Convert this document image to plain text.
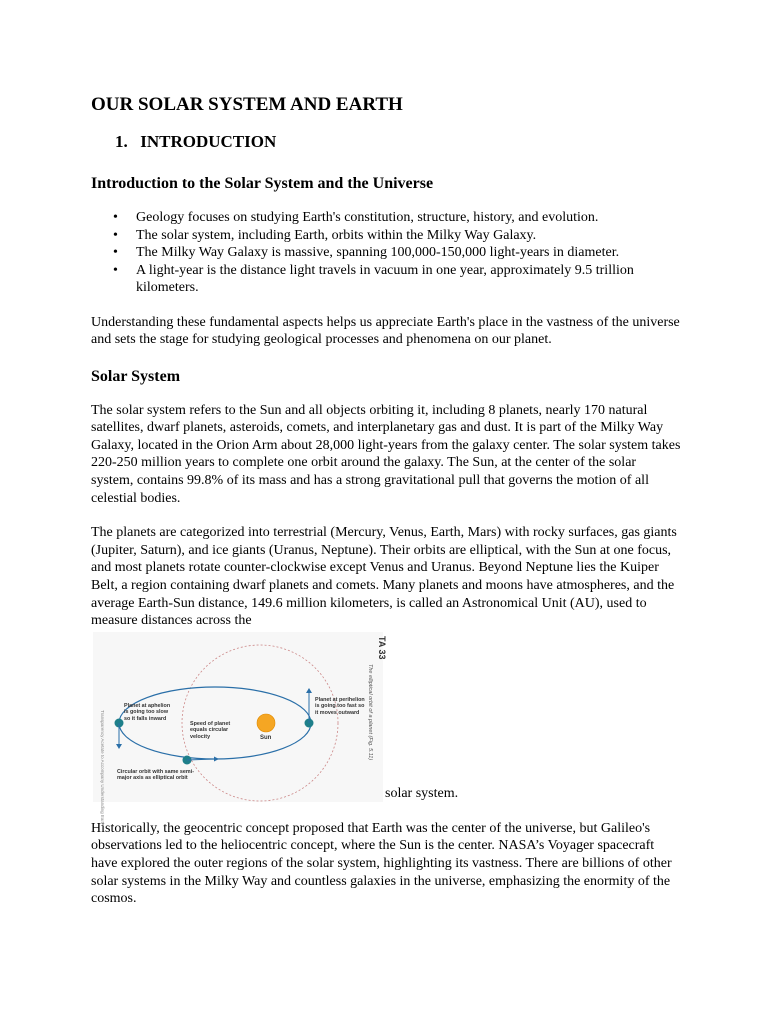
OUR SOLAR SYSTEM AND EARTH
1. INTRODUCTION
Introduction to the Solar System and the Universe
• Geology focuses on studying Earth's constitution, structure, history, and evolution.
• The solar system, including Earth, orbits within the Milky Way Galaxy.
• The Milky Way Galaxy is massive, spanning 100,000-150,000 light-years in diameter.
• A light-year is the distance light travels in vacuum in one year, approximately 9.5 trillion kilometers.

Understanding these fundamental aspects helps us appreciate Earth's place in the vastness of the universe and sets the stage for studying geological processes and phenomena on our planet.

Solar System

The solar system refers to the Sun and all objects orbiting it, including 8 planets, nearly 170 natural satellites, dwarf planets, asteroids, comets, and interplanetary gas and dust. It is part of the Milky Way Galaxy, located in the Orion Arm about 28,000 light-years from the galaxy center. The solar system takes 220-250 million years to complete one orbit around the galaxy. The Sun, at the center of the solar system, contains 99.8% of its mass and has a strong gravitational pull that governs the motion of all celestial bodies.

The planets are categorized into terrestrial (Mercury, Venus, Earth, Mars) with rocky surfaces, gas giants (Jupiter, Saturn), and ice giants (Uranus, Neptune). Their orbits are elliptical, with the Sun at one focus, and most planets rotate counter-clockwise except Venus and Uranus. Beyond Neptune lies the Kuiper Belt, a region containing dwarf planets and comets. Many planets and moons have atmospheres, and the average Earth-Sun distance, 149.6 million kilometers, is called an Astronomical Unit (AU), used to measure distances across the

Transparency Acetate to Accompany Understanding Earth
TA 33
The elliptical orbit of a planet (Fig. 5.11)
Sun
Planet at aphelion is going too slow so it falls inward
Speed of planet equals circular velocity
Planet at perihelion is going too fast so it moves outward
Circular orbit with same semi-major axis as elliptical orbit
solar system.

Historically, the geocentric concept proposed that Earth was the center of the universe, but Galileo's observations led to the heliocentric concept, where the Sun is the center. NASA’s Voyager spacecraft have explored the outer regions of the solar system, highlighting its vastness. There are billions of other solar systems in the Milky Way and countless galaxies in the universe, emphasizing the enormity of the cosmos.
